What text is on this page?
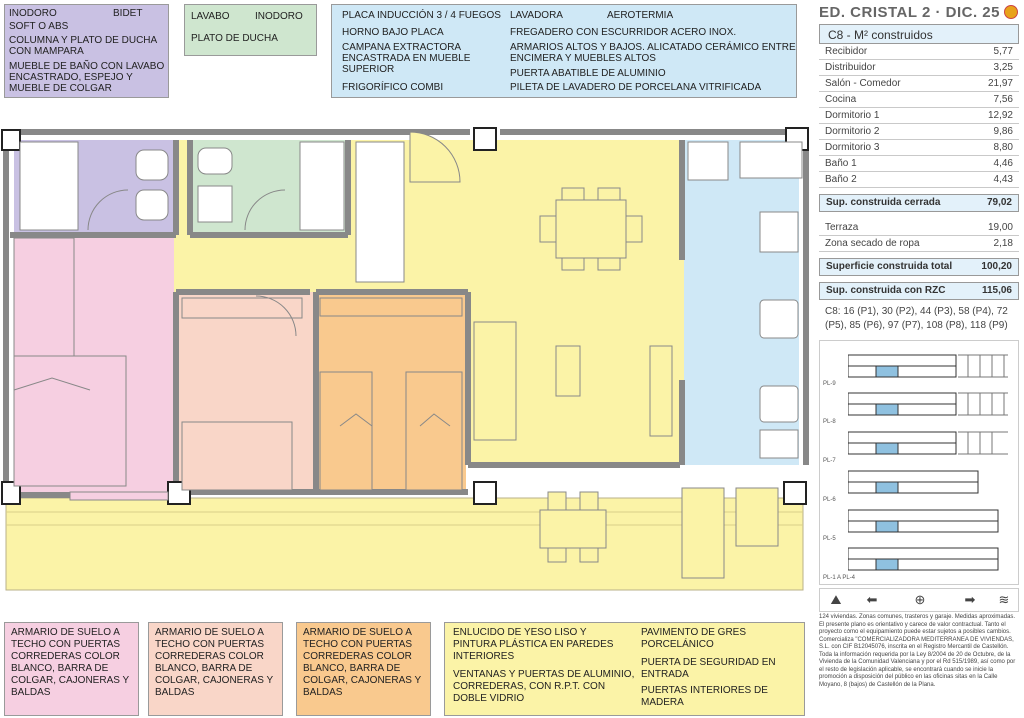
INODORO	BIDET
SOFT O ABS
COLUMNA Y PLATO DE DUCHA
CON MAMPARA
MUEBLE DE BAÑO CON LAVABO
ENCASTRADO, ESPEJO Y
MUEBLE DE COLGAR
LAVABO	INODORO
PLATO DE DUCHA
PLACA INDUCCIÓN 3 / 4 FUEGOS
HORNO BAJO PLACA
CAMPANA EXTRACTORA
ENCASTRADA EN MUEBLE
SUPERIOR
FRIGORÍFICO COMBI
LAVADORA	AEROTERMIA
FREGADERO CON ESCURRIDOR ACERO INOX.
ARMARIOS ALTOS Y BAJOS. ALICATADO CERÁMICO ENTRE
ENCIMERA Y MUEBLES ALTOS
PUERTA ABATIBLE DE ALUMINIO
PILETA DE LAVADERO DE PORCELANA VITRIFICADA
ARMARIO DE SUELO A
TECHO CON PUERTAS
CORREDERAS COLOR
BLANCO, BARRA DE
COLGAR, CAJONERAS Y
BALDAS
ARMARIO DE SUELO A
TECHO CON PUERTAS
CORREDERAS COLOR
BLANCO, BARRA DE
COLGAR, CAJONERAS Y
BALDAS
ARMARIO DE SUELO A
TECHO CON PUERTAS
CORREDERAS COLOR
BLANCO, BARRA DE
COLGAR, CAJONERAS Y
BALDAS
ENLUCIDO DE YESO LISO Y
PINTURA PLÁSTICA EN PAREDES
INTERIORES
VENTANAS Y PUERTAS DE ALUMINIO,
CORREDERAS, CON R.P.T. CON
DOBLE VIDRIO
PAVIMENTO DE GRES
PORCELÁNICO
PUERTA DE SEGURIDAD EN
ENTRADA
PUERTAS INTERIORES DE
MADERA
ED. CRISTAL 2 · DIC. 25
C8 - M² construidos
Recibidor	5,77
Distribuidor	3,25
Salón - Comedor	21,97
Cocina	7,56
Dormitorio 1	12,92
Dormitorio 2	9,86
Dormitorio 3	8,80
Baño 1	4,46
Baño 2	4,43
Sup. construida cerrada	79,02
Terraza	19,00
Zona secado de ropa	2,18
Superficie construida total	100,20
Sup. construida con RZC	115,06
C8: 16 (P1), 30 (P2), 44 (P3), 58 (P4), 72 (P5), 85 (P6), 97 (P7), 108 (P8), 118 (P9)
PL-9
PL-8
PL-7
PL-6
PL-5
PL-1 A PL-4
⛰	⬅	⊕	➡	≋
124 viviendas. Zonas comunes, trasteros y garaje. Medidas aproximadas. El presente plano es orientativo y carece de valor contractual. Tanto el proyecto como el equipamiento puede estar sujetos a posibles cambios. Comercializa "COMERCIALIZADORA MEDITERRANEA DE VIVIENDAS, S.L. con CIF B12045076, inscrita en el Registro Mercantil de Castellón. Toda la información requerida por la Ley 8/2004 de 20 de Octubre, de la Vivienda de la Comunidad Valenciana y por el Rd 515/1989, así como por el resto de legislación aplicable, se encontrará cuando se inicie la promoción a disposición del público en las oficinas sitas en la Calle Moyano, 8 (bajos) de Castellón de la Plana.
